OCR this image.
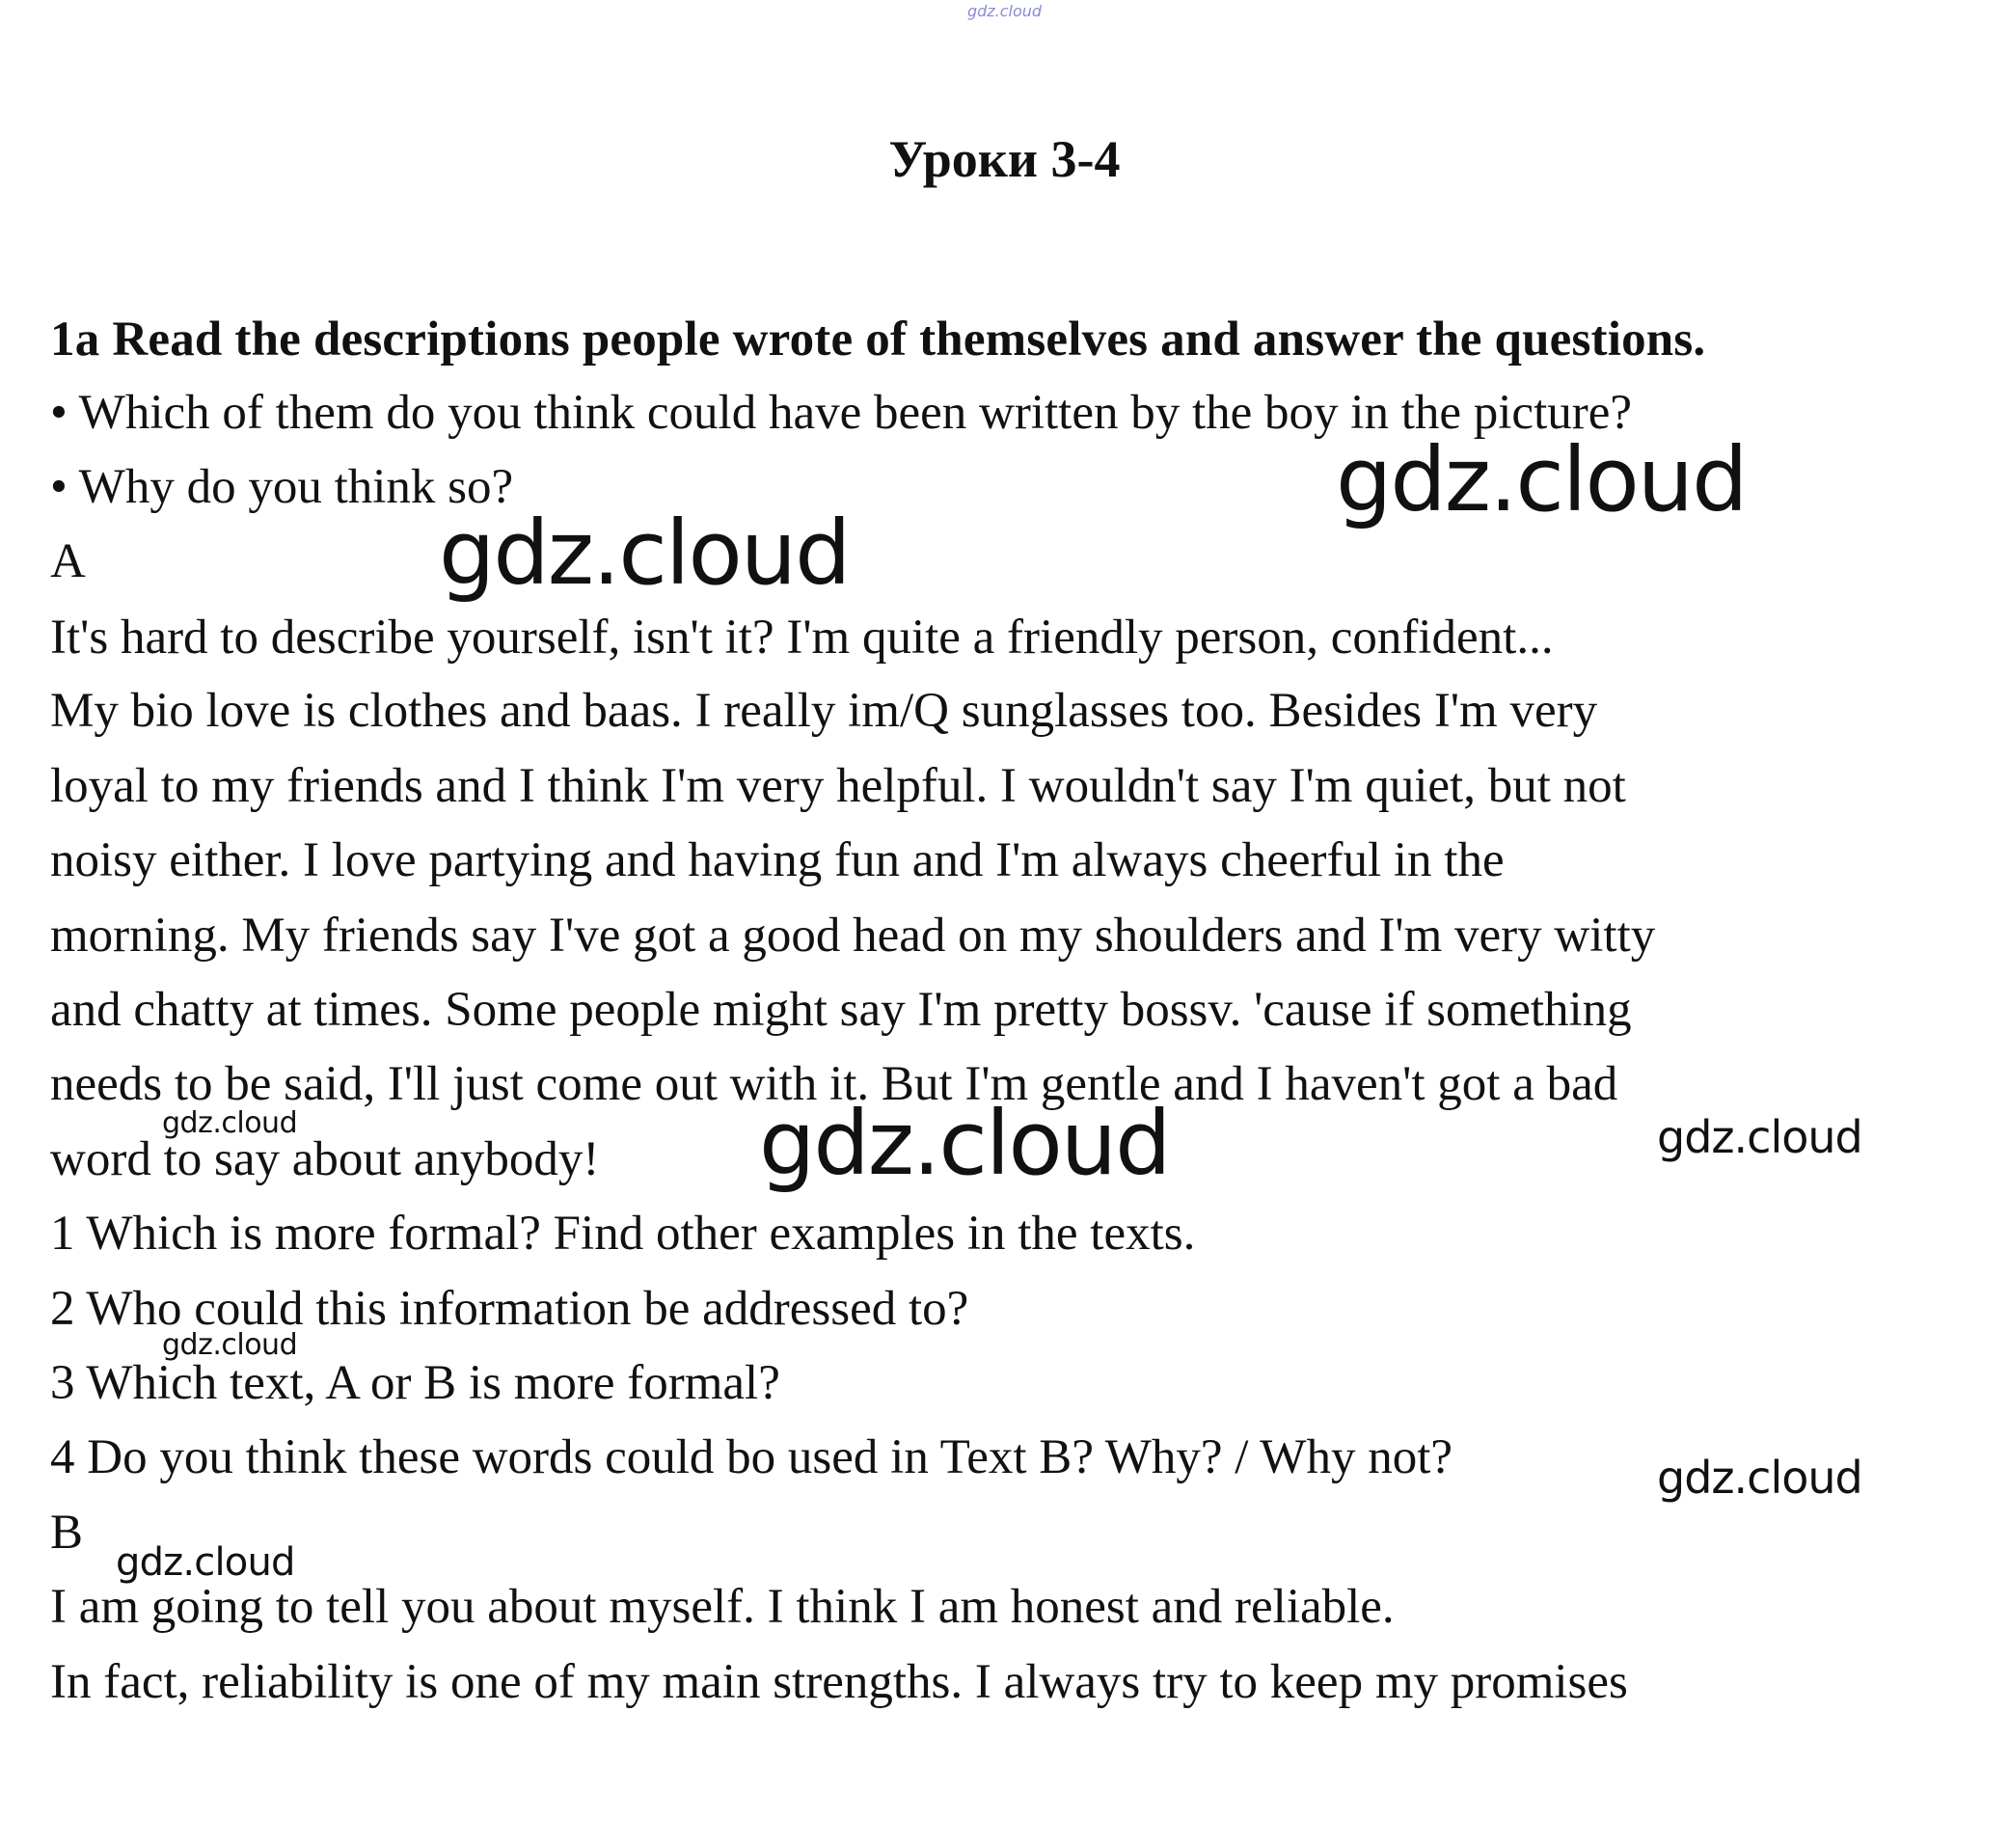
gdz.cloud
Уроки 3-4
1a Read the descriptions people wrote of themselves and answer the questions.
• Which of them do you think could have been written by the boy in the picture?
• Why do you think so?
A
It's hard to describe yourself, isn't it? I'm quite a friendly person, confident...
My bio love is clothes and baas. I really im/Q sunglasses too. Besides I'm very
loyal to my friends and I think I'm very helpful. I wouldn't say I'm quiet, but not
noisy either. I love partying and having fun and I'm always cheerful in the
morning. My friends say I've got a good head on my shoulders and I'm very witty
and chatty at times. Some people might say I'm pretty bossv. 'cause if something
needs to be said, I'll just come out with it. But I'm gentle and I haven't got a bad
word to say about anybody!
1 Which is more formal? Find other examples in the texts.
2 Who could this information be addressed to?
3 Which text, A or B is more formal?
4 Do you think these words could bo used in Text B? Why? / Why not?
B
I am going to tell you about myself. I think I am honest and reliable.
In fact, reliability is one of my main strengths. I always try to keep my promises
gdz.cloud
gdz.cloud
gdz.cloud
gdz.cloud	gdz.cloud
gdz.cloud
gdz.cloud
gdz.cloud
